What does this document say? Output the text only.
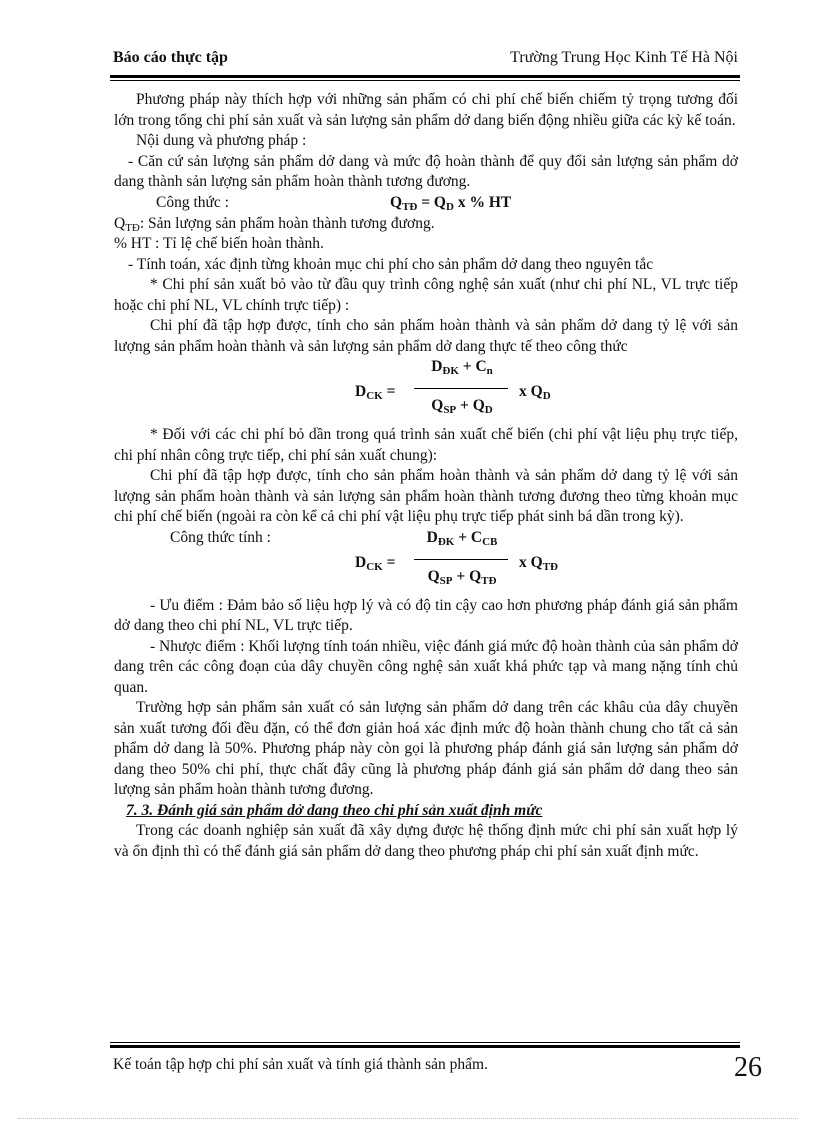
Báo cáo thực tập	Trường Trung Học Kinh Tế Hà Nội

Phương pháp này thích hợp với những sản phẩm có chi phí chế biến chiếm tỷ trọng tương đối lớn trong tổng chi phí sản xuất và sản lượng sản phẩm dở dang biến động nhiều giữa các kỳ kế toán.

Nội dung và phương pháp :

- Căn cứ sản lượng sản phẩm dở dang và mức độ hoàn thành để quy đổi sản lượng sản phẩm dở dang thành sản lượng sản phẩm hoàn thành tương đương.

Công thức :	$Q_{TĐ} = Q_D$ x % HT

$Q_{TĐ}$: Sản lượng sản phẩm hoàn thành tương đương.

% HT : Tỉ lệ chế biến hoàn thành.

- Tính toán, xác định từng khoản mục chi phí cho sản phẩm dở dang theo nguyên tắc

* Chi phí sản xuất bỏ vào từ đầu quy trình công nghệ sản xuất (như chi phí NL, VL trực tiếp hoặc chi phí NL, VL chính trực tiếp) :

Chi phí đã tập hợp được, tính cho sản phẩm hoàn thành và sản phẩm dở dang tỷ lệ với sản lượng sản phẩm hoàn thành và sản lượng sản phẩm dở dang thực tế theo công thức

$D_{CK}$ =
$D_{ĐK} + C_n$
$Q_{SP} + Q_D$
x $Q_D$

* Đối với các chi phí bỏ dần trong quá trình sản xuất chế biến (chi phí vật liệu phụ trực tiếp, chi phí nhân công trực tiếp, chi phí sản xuất chung):

Chi phí đã tập hợp được, tính cho sản phẩm hoàn thành và sản phẩm dở dang tỷ lệ với sản lượng sản phẩm hoàn thành và sản lượng sản phẩm hoàn thành tương đương theo từng khoản mục chi phí chế biến (ngoài ra còn kể cả chi phí vật liệu phụ trực tiếp phát sinh bá dần trong kỳ).

Công thức tính :
$D_{CK}$ =
$D_{ĐK} + C_{CB}$
$Q_{SP} + Q_{TĐ}$
x $Q_{TĐ}$

- Ưu điểm : Đảm bảo số liệu hợp lý và có độ tin cậy cao hơn phương pháp đánh giá sản phẩm dở dang theo chi phí NL, VL trực tiếp.

- Nhược điểm : Khối lượng tính toán nhiều, việc đánh giá mức độ hoàn thành của sản phẩm dở dang trên các công đoạn của dây chuyền công nghệ sản xuất khá phức tạp và mang nặng tính chủ quan.

Trường hợp sản phẩm sản xuất có sản lượng sản phẩm dở dang trên các khâu của dây chuyền sản xuất tương đối đều đặn, có thể đơn giản hoá xác định mức độ hoàn thành chung cho tất cả sản phẩm dở dang là 50%. Phương pháp này còn gọi là phương pháp đánh giá sản lượng sản phẩm dở dang theo 50% chi phí, thực chất đây cũng là phương pháp đánh giá sản phẩm dở dang theo sản lượng sản phẩm hoàn thành tương đương.

7. 3. Đánh giá sản phẩm dở dang theo chi phí sản xuất định mức

Trong các doanh nghiệp sản xuất đã xây dựng được hệ thống định mức chi phí sản xuất hợp lý và ổn định thì có thể đánh giá sản phẩm dở dang theo phương pháp chi phí sản xuất định mức.

Kế toán tập hợp chi phí sản xuất và tính giá thành sản phẩm.	26
